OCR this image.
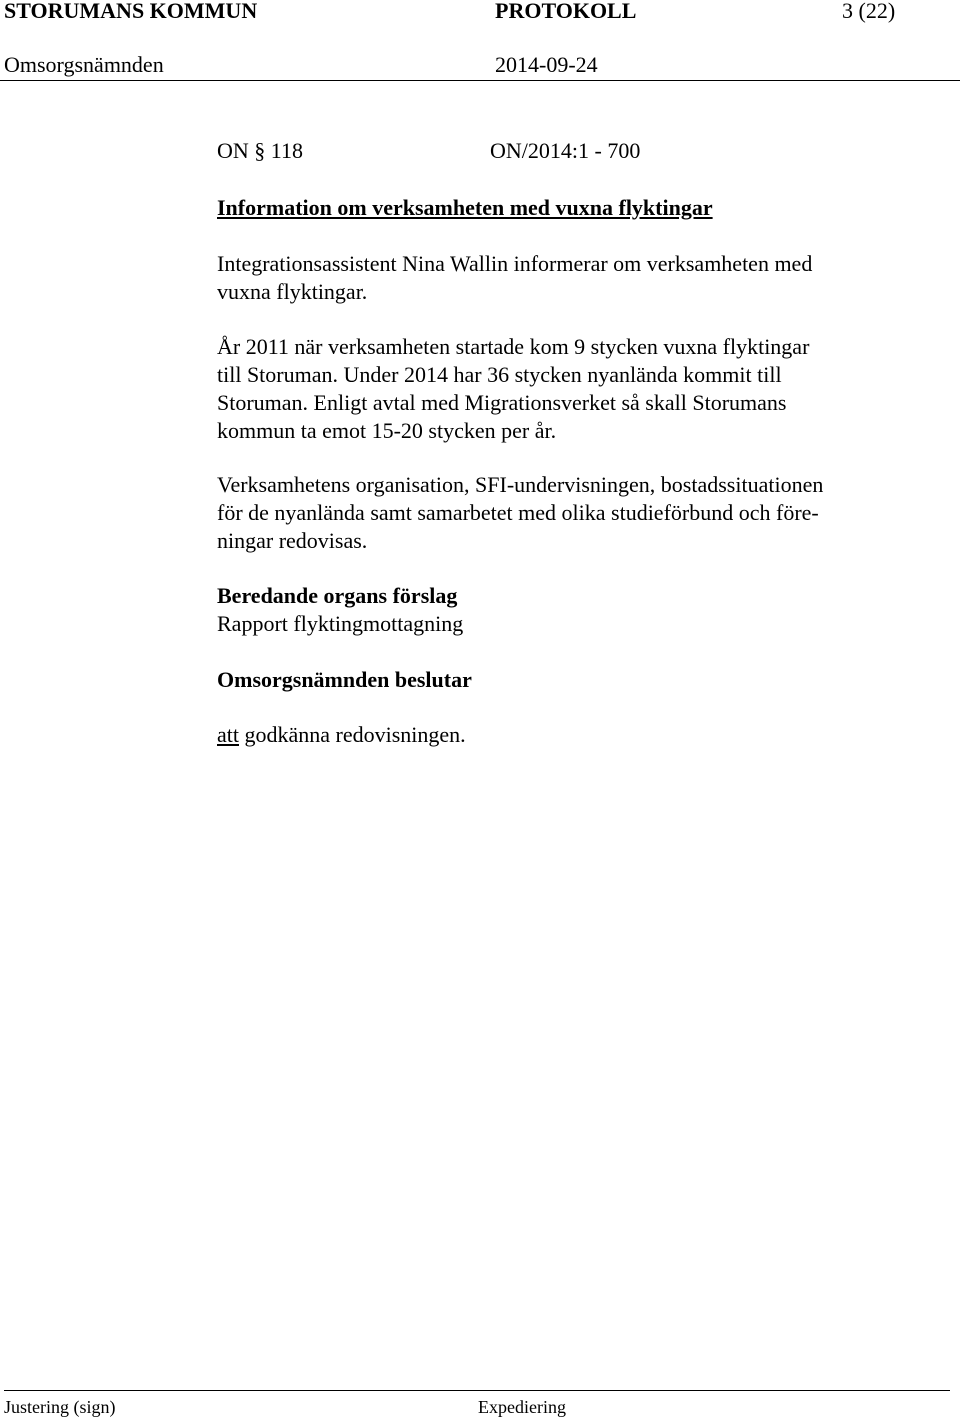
STORUMANS KOMMUN	PROTOKOLL	3 (22)
Omsorgsnämnden	2014-09-24
ON § 118	ON/2014:1 - 700
Information om verksamheten med vuxna flyktingar
Integrationsassistent Nina Wallin informerar om verksamheten med
vuxna flyktingar.
År 2011 när verksamheten startade kom 9 stycken vuxna flyktingar
till Storuman. Under 2014 har 36 stycken nyanlända kommit till
Storuman. Enligt avtal med Migrationsverket så skall Storumans
kommun ta emot 15-20 stycken per år.
Verksamhetens organisation, SFI-undervisningen, bostadssituationen
för de nyanlända samt samarbetet med olika studieförbund och före-
ningar redovisas.
Beredande organs förslag
Rapport flyktingmottagning
Omsorgsnämnden beslutar
att godkänna redovisningen.
Justering (sign)	Expediering
